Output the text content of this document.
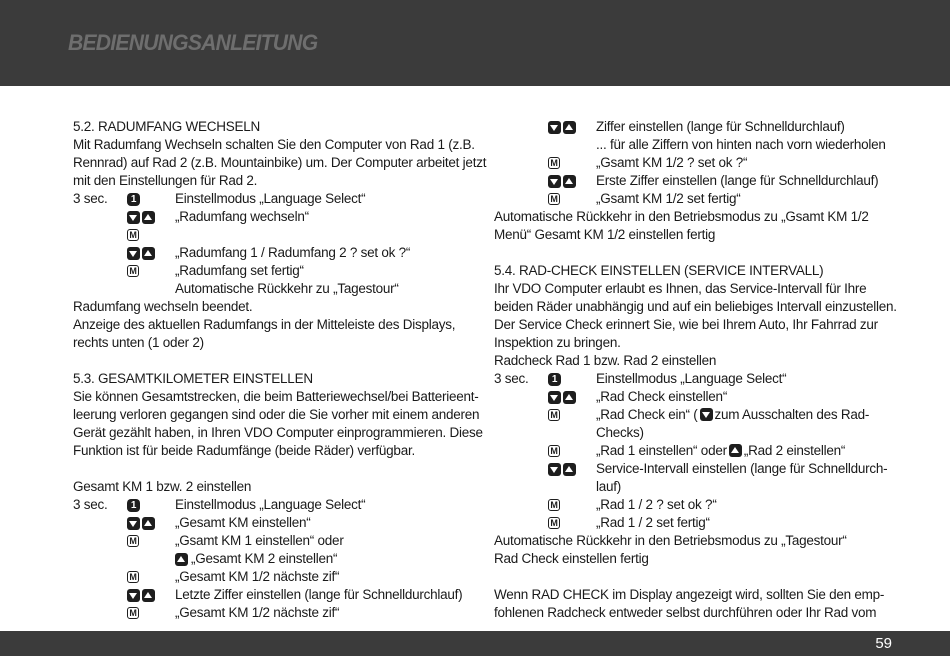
BEDIENUNGSANLEITUNG
5.2. RADUMFANG WECHSELN
Mit Radumfang Wechseln schalten Sie den Computer von Rad 1 (z.B.
Rennrad) auf Rad 2 (z.B. Mountainbike) um. Der Computer arbeitet jetzt
mit den Einstellungen für Rad 2.
3 sec.	1	Einstellmodus „Language Select“
„Radumfang wechseln“
M
„Radumfang 1 / Radumfang 2 ? set ok ?“
M	„Radumfang set fertig“
Automatische Rückkehr zu „Tagestour“
Radumfang wechseln beendet.
Anzeige des aktuellen Radumfangs in der Mitteleiste des Displays,
rechts unten (1 oder 2)
5.3. GESAMTKILOMETER EINSTELLEN
Sie können Gesamtstrecken, die beim Batteriewechsel/bei Batterieent-
leerung verloren gegangen sind oder die Sie vorher mit einem anderen
Gerät gezählt haben, in Ihren VDO Computer einprogrammieren. Diese
Funktion ist für beide Radumfänge (beide Räder) verfügbar.
Gesamt KM 1 bzw. 2 einstellen
3 sec.	1	Einstellmodus „Language Select“
„Gesamt KM einstellen“
M	„Gsamt KM 1 einstellen“ oder
„Gesamt KM 2 einstellen“
M	„Gesamt KM 1/2 nächste zif“
Letzte Ziffer einstellen (lange für Schnelldurchlauf)
M	„Gesamt KM 1/2 nächste zif“
Ziffer einstellen (lange für Schnelldurchlauf)
... für alle Ziffern von hinten nach vorn wiederholen
M	„Gsamt KM 1/2 ? set ok ?“
Erste Ziffer einstellen (lange für Schnelldurchlauf)
M	„Gsamt KM 1/2 set fertig“
Automatische Rückkehr in den Betriebsmodus zu „Gsamt KM 1/2
Menü“ Gesamt KM 1/2 einstellen fertig
5.4. RAD-CHECK EINSTELLEN (SERVICE INTERVALL)
Ihr VDO Computer erlaubt es Ihnen, das Service-Intervall für Ihre
beiden Räder unabhängig und auf ein beliebiges Intervall einzustellen.
Der Service Check erinnert Sie, wie bei Ihrem Auto, Ihr Fahrrad zur
Inspektion zu bringen.
Radcheck Rad 1 bzw. Rad 2 einstellen
3 sec.	1	Einstellmodus „Language Select“
„Rad Check einstellen“
M	„Rad Check ein“ ( zum Ausschalten des Rad-
Checks)
M	„Rad 1 einstellen“ oder „Rad 2 einstellen“
Service-Intervall einstellen (lange für Schnelldurch-
lauf)
M	„Rad 1 / 2 ? set ok ?“
M	„Rad 1 / 2 set fertig“
Automatische Rückkehr in den Betriebsmodus zu „Tagestour“
Rad Check einstellen fertig
Wenn RAD CHECK im Display angezeigt wird, sollten Sie den emp-
fohlenen Radcheck entweder selbst durchführen oder Ihr Rad vom
59
